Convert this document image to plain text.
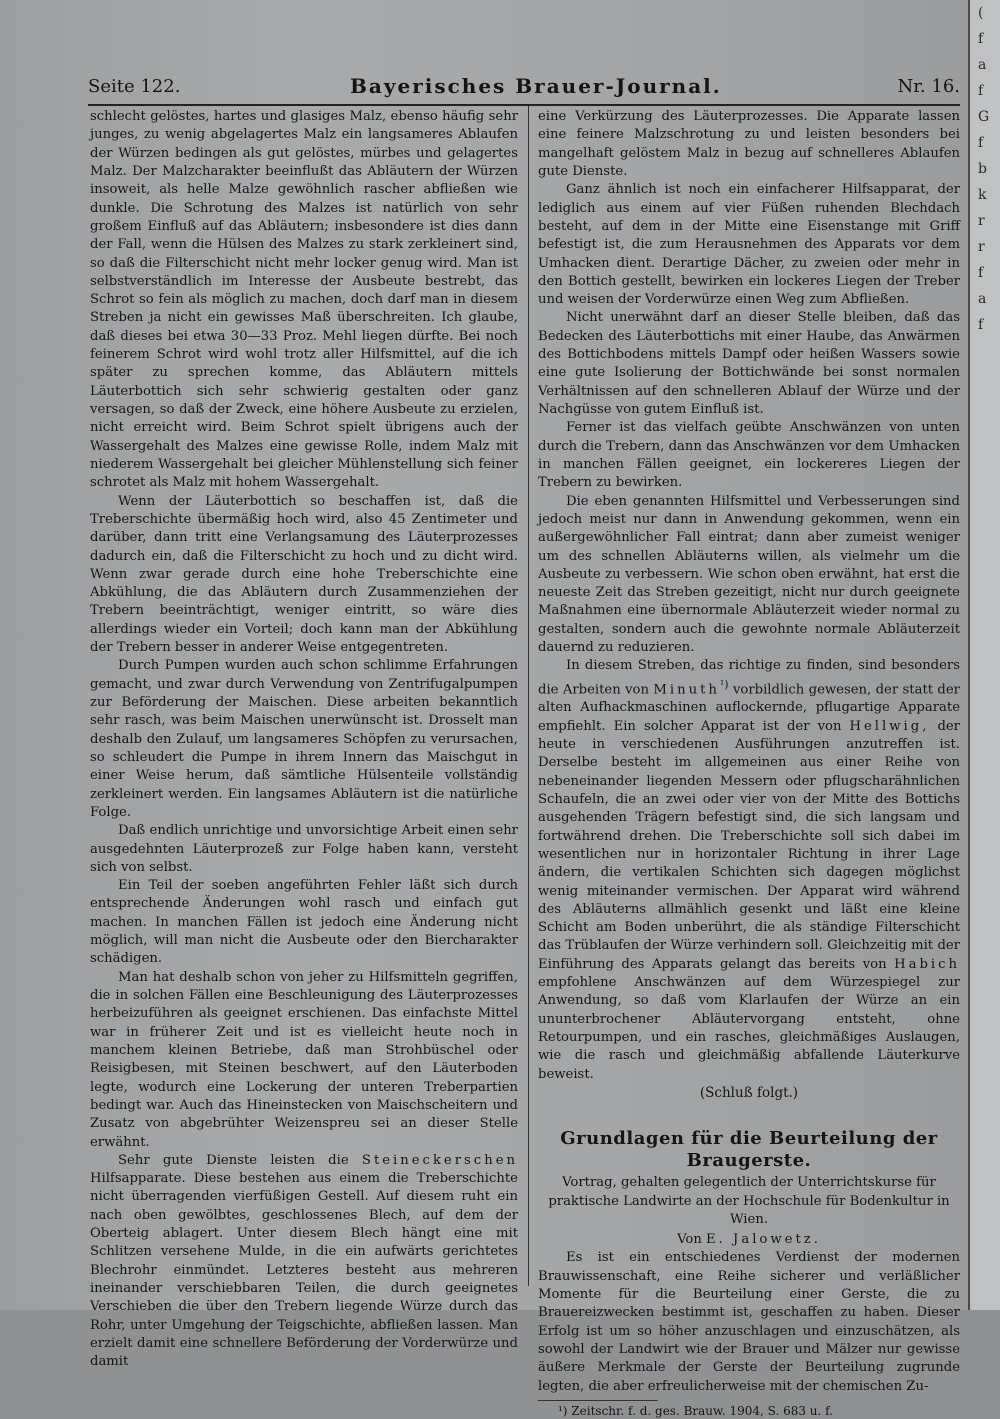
Seite 122.	Bayerisches Brauer-Journal.	Nr. 16.

schlecht gelöstes, hartes und glasiges Malz, ebenso häufig sehr junges, zu wenig abgelagertes Malz ein langsameres Ablaufen der Würzen bedingen als gut gelöstes, mürbes und gelagertes Malz. Der Malzcharakter beeinflußt das Abläutern der Würzen insoweit, als helle Malze gewöhnlich rascher abfließen wie dunkle. Die Schrotung des Malzes ist natürlich von sehr großem Einfluß auf das Abläutern; insbesondere ist dies dann der Fall, wenn die Hülsen des Malzes zu stark zerkleinert sind, so daß die Filterschicht nicht mehr locker genug wird. Man ist selbstverständlich im Interesse der Ausbeute bestrebt, das Schrot so fein als möglich zu machen, doch darf man in diesem Streben ja nicht ein gewisses Maß überschreiten. Ich glaube, daß dieses bei etwa 30—33 Proz. Mehl liegen dürfte. Bei noch feinerem Schrot wird wohl trotz aller Hilfsmittel, auf die ich später zu sprechen komme, das Abläutern mittels Läuterbottich sich sehr schwierig gestalten oder ganz versagen, so daß der Zweck, eine höhere Ausbeute zu erzielen, nicht erreicht wird. Beim Schrot spielt übrigens auch der Wassergehalt des Malzes eine gewisse Rolle, indem Malz mit niederem Wassergehalt bei gleicher Mühlenstellung sich feiner schrotet als Malz mit hohem Wassergehalt.

Wenn der Läuterbottich so beschaffen ist, daß die Treberschichte übermäßig hoch wird, also 45 Zentimeter und darüber, dann tritt eine Verlangsamung des Läuterprozesses dadurch ein, daß die Filterschicht zu hoch und zu dicht wird. Wenn zwar gerade durch eine hohe Treberschichte eine Abkühlung, die das Abläutern durch Zusammenziehen der Trebern beeinträchtigt, weniger eintritt, so wäre dies allerdings wieder ein Vorteil; doch kann man der Abkühlung der Trebern besser in anderer Weise entgegentreten.

Durch Pumpen wurden auch schon schlimme Erfahrungen gemacht, und zwar durch Verwendung von Zentrifugalpumpen zur Beförderung der Maischen. Diese arbeiten bekanntlich sehr rasch, was beim Maischen unerwünscht ist. Drosselt man deshalb den Zulauf, um langsameres Schöpfen zu verursachen, so schleudert die Pumpe in ihrem Innern das Maischgut in einer Weise herum, daß sämtliche Hülsenteile vollständig zerkleinert werden. Ein langsames Abläutern ist die natürliche Folge.

Daß endlich unrichtige und unvorsichtige Arbeit einen sehr ausgedehnten Läuterprozeß zur Folge haben kann, versteht sich von selbst.

Ein Teil der soeben angeführten Fehler läßt sich durch entsprechende Änderungen wohl rasch und einfach gut machen. In manchen Fällen ist jedoch eine Änderung nicht möglich, will man nicht die Ausbeute oder den Biercharakter schädigen.

Man hat deshalb schon von jeher zu Hilfsmitteln gegriffen, die in solchen Fällen eine Beschleunigung des Läuterprozesses herbeizuführen als geeignet erschienen. Das einfachste Mittel war in früherer Zeit und ist es vielleicht heute noch in manchem kleinen Betriebe, daß man Strohbüschel oder Reisigbesen, mit Steinen beschwert, auf den Läuterboden legte, wodurch eine Lockerung der unteren Treberpartien bedingt war. Auch das Hineinstecken von Maischscheitern und Zusatz von abgebrühter Weizenspreu sei an dieser Stelle erwähnt.

Sehr gute Dienste leisten die Steineckerschen Hilfsapparate. Diese bestehen aus einem die Treberschichte nicht überragenden vierfüßigen Gestell. Auf diesem ruht ein nach oben gewölbtes, geschlossenes Blech, auf dem der Oberteig ablagert. Unter diesem Blech hängt eine mit Schlitzen versehene Mulde, in die ein aufwärts gerichtetes Blechrohr einmündet. Letzteres besteht aus mehreren ineinander verschiebbaren Teilen, die durch geeignetes Verschieben die über den Trebern liegende Würze durch das Rohr, unter Umgehung der Teigschichte, abfließen lassen. Man erzielt damit eine schnellere Beförderung der Vorderwürze und damit

eine Verkürzung des Läuterprozesses. Die Apparate lassen eine feinere Malzschrotung zu und leisten besonders bei mangelhaft gelöstem Malz in bezug auf schnelleres Ablaufen gute Dienste.

Ganz ähnlich ist noch ein einfacherer Hilfsapparat, der lediglich aus einem auf vier Füßen ruhenden Blechdach besteht, auf dem in der Mitte eine Eisenstange mit Griff befestigt ist, die zum Herausnehmen des Apparats vor dem Umhacken dient. Derartige Dächer, zu zweien oder mehr in den Bottich gestellt, bewirken ein lockeres Liegen der Treber und weisen der Vorderwürze einen Weg zum Abfließen.

Nicht unerwähnt darf an dieser Stelle bleiben, daß das Bedecken des Läuterbottichs mit einer Haube, das Anwärmen des Bottichbodens mittels Dampf oder heißen Wassers sowie eine gute Isolierung der Bottichwände bei sonst normalen Verhältnissen auf den schnelleren Ablauf der Würze und der Nachgüsse von gutem Einfluß ist.

Ferner ist das vielfach geübte Anschwänzen von unten durch die Trebern, dann das Anschwänzen vor dem Umhacken in manchen Fällen geeignet, ein lockereres Liegen der Trebern zu bewirken.

Die eben genannten Hilfsmittel und Verbesserungen sind jedoch meist nur dann in Anwendung gekommen, wenn ein außergewöhnlicher Fall eintrat; dann aber zumeist weniger um des schnellen Abläuterns willen, als vielmehr um die Ausbeute zu verbessern. Wie schon oben erwähnt, hat erst die neueste Zeit das Streben gezeitigt, nicht nur durch geeignete Maßnahmen eine übernormale Abläuterzeit wieder normal zu gestalten, sondern auch die gewohnte normale Abläuterzeit dauernd zu reduzieren.

In diesem Streben, das richtige zu finden, sind besonders die Arbeiten von Minuth$^{^1)}$ vorbildlich gewesen, der statt der alten Aufhackmaschinen auflockernde, pflugartige Apparate empfiehlt. Ein solcher Apparat ist der von Hellwig, der heute in verschiedenen Ausführungen anzutreffen ist. Derselbe besteht im allgemeinen aus einer Reihe von nebeneinander liegenden Messern oder pflugscharähnlichen Schaufeln, die an zwei oder vier von der Mitte des Bottichs ausgehenden Trägern befestigt sind, die sich langsam und fortwährend drehen. Die Treberschichte soll sich dabei im wesentlichen nur in horizontaler Richtung in ihrer Lage ändern, die vertikalen Schichten sich dagegen möglichst wenig miteinander vermischen. Der Apparat wird während des Abläuterns allmählich gesenkt und läßt eine kleine Schicht am Boden unberührt, die als ständige Filterschicht das Trüblaufen der Würze verhindern soll. Gleichzeitig mit der Einführung des Apparats gelangt das bereits von Habich empfohlene Anschwänzen auf dem Würzespiegel zur Anwendung, so daß vom Klarlaufen der Würze an ein ununterbrochener Abläutervorgang entsteht, ohne Retourpumpen, und ein rasches, gleichmäßiges Auslaugen, wie die rasch und gleichmäßig abfallende Läuterkurve beweist.

(Schluß folgt.)
Grundlagen für die Beurteilung der Braugerste.
Vortrag, gehalten gelegentlich der Unterrichtskurse für praktische Landwirte an der Hochschule für Bodenkultur in Wien.
Von E. Jalowetz.

Es ist ein entschiedenes Verdienst der modernen Brauwissenschaft, eine Reihe sicherer und verläßlicher Momente für die Beurteilung einer Gerste, die zu Brauereizwecken bestimmt ist, geschaffen zu haben. Dieser Erfolg ist um so höher anzuschlagen und einzuschätzen, als sowohl der Landwirt wie der Brauer und Mälzer nur gewisse äußere Merkmale der Gerste der Beurteilung zugrunde legten, die aber erfreulicherweise mit der chemischen Zu-

¹) Zeitschr. f. d. ges. Brauw. 1904, S. 683 u. f.

(
f
a
f
G
f
b
k
r
r
f
a
f
